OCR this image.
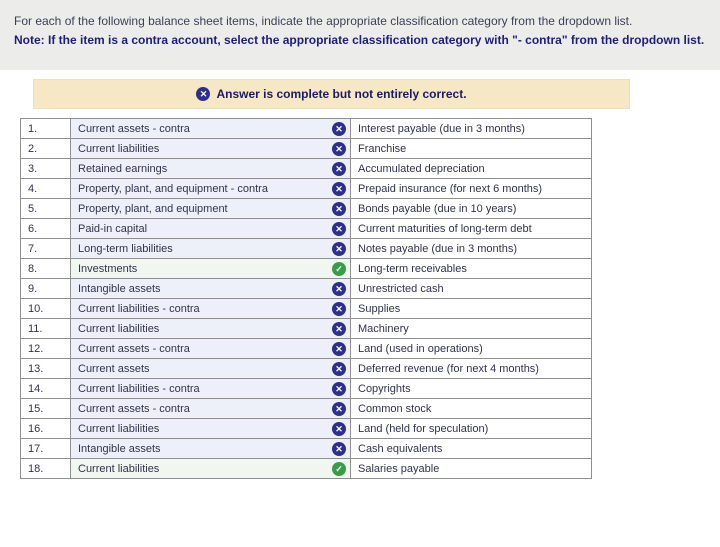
For each of the following balance sheet items, indicate the appropriate classification category from the dropdown list.

Note: If the item is a contra account, select the appropriate classification category with "- contra" from the dropdown list.

✕ Answer is complete but not entirely correct.
1.	Current assets - contra ✕	Interest payable (due in 3 months)
2.	Current liabilities ✕	Franchise
3.	Retained earnings ✕	Accumulated depreciation
4.	Property, plant, and equipment - contra ✕	Prepaid insurance (for next 6 months)
5.	Property, plant, and equipment ✕	Bonds payable (due in 10 years)
6.	Paid-in capital ✕	Current maturities of long-term debt
7.	Long-term liabilities ✕	Notes payable (due in 3 months)
8.	Investments ✓	Long-term receivables
9.	Intangible assets ✕	Unrestricted cash
10.	Current liabilities - contra ✕	Supplies
11.	Current liabilities ✕	Machinery
12.	Current assets - contra ✕	Land (used in operations)
13.	Current assets ✕	Deferred revenue (for next 4 months)
14.	Current liabilities - contra ✕	Copyrights
15.	Current assets - contra ✕	Common stock
16.	Current liabilities ✕	Land (held for speculation)
17.	Intangible assets ✕	Cash equivalents
18.	Current liabilities ✓	Salaries payable
